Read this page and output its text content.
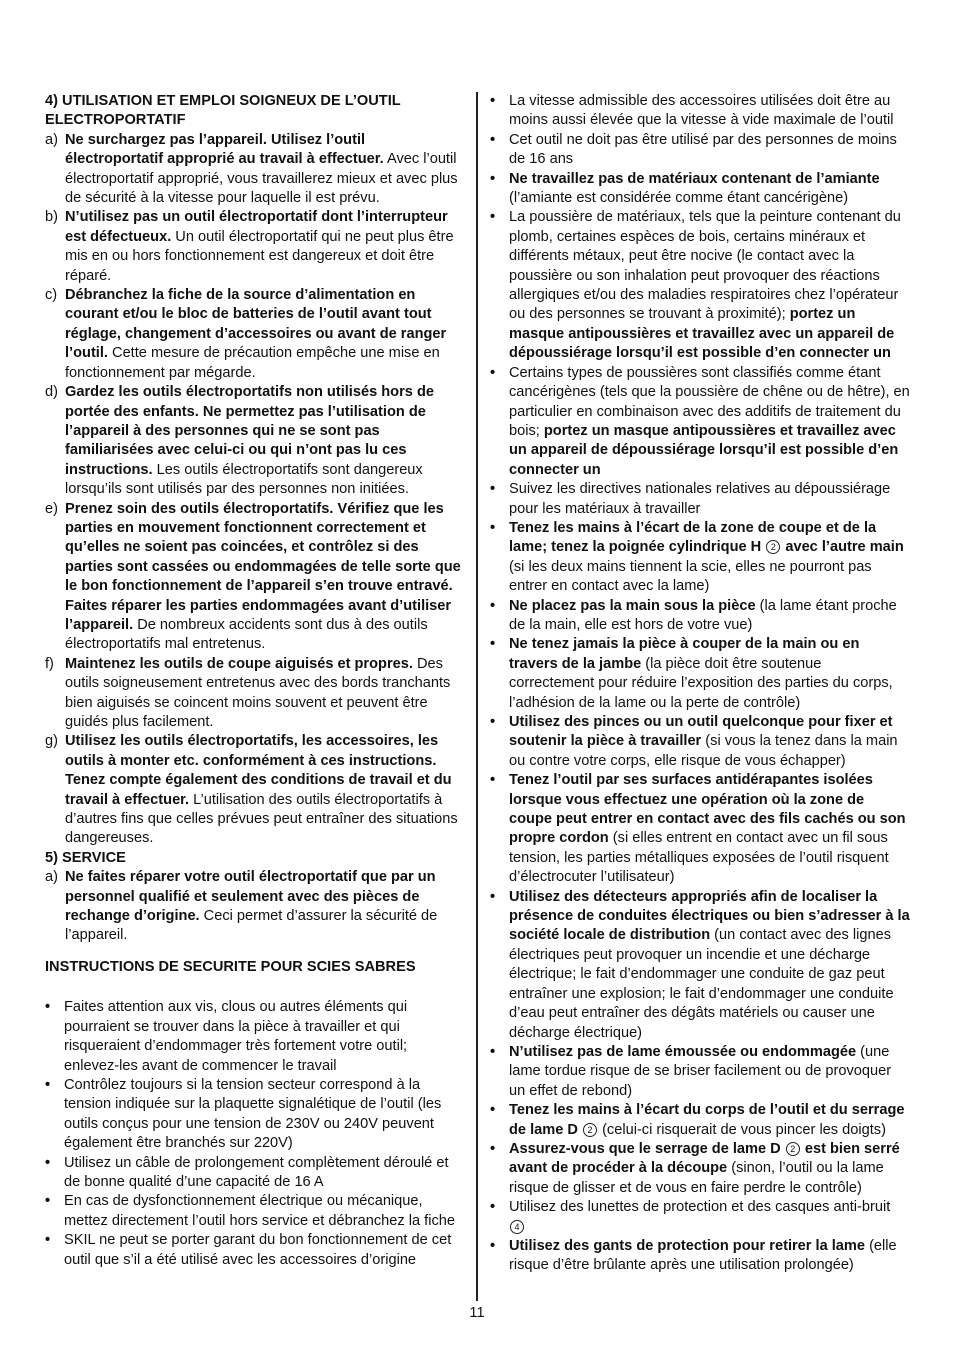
4) UTILISATION ET EMPLOI SOIGNEUX DE L’OUTIL ELECTROPORTATIF
a) Ne surchargez pas l’appareil. Utilisez l’outil électroportatif approprié au travail à effectuer. Avec l’outil électroportatif approprié, vous travaillerez mieux et avec plus de sécurité à la vitesse pour laquelle il est prévu.
b) N’utilisez pas un outil électroportatif dont l’interrupteur est défectueux. Un outil électroportatif qui ne peut plus être mis en ou hors fonctionnement est dangereux et doit être réparé.
c) Débranchez la fiche de la source d’alimentation en courant et/ou le bloc de batteries de l’outil avant tout réglage, changement d’accessoires ou avant de ranger l’outil. Cette mesure de précaution empêche une mise en fonctionnement par mégarde.
d) Gardez les outils électroportatifs non utilisés hors de portée des enfants. Ne permettez pas l’utilisation de l’appareil à des personnes qui ne se sont pas familiarisées avec celui-ci ou qui n’ont pas lu ces instructions. Les outils électroportatifs sont dangereux lorsqu’ils sont utilisés par des personnes non initiées.
e) Prenez soin des outils électroportatifs. Vérifiez que les parties en mouvement fonctionnent correctement et qu’elles ne soient pas coincées, et contrôlez si des parties sont cassées ou endommagées de telle sorte que le bon fonctionnement de l’appareil s’en trouve entravé. Faites réparer les parties endommagées avant d’utiliser l’appareil. De nombreux accidents sont dus à des outils électroportatifs mal entretenus.
f) Maintenez les outils de coupe aiguisés et propres. Des outils soigneusement entretenus avec des bords tranchants bien aiguisés se coincent moins souvent et peuvent être guidés plus facilement.
g) Utilisez les outils électroportatifs, les accessoires, les outils à monter etc. conformément à ces instructions. Tenez compte également des conditions de travail et du travail à effectuer. L’utilisation des outils électroportatifs à d’autres fins que celles prévues peut entraîner des situations dangereuses.
5) SERVICE
a) Ne faites réparer votre outil électroportatif que par un personnel qualifié et seulement avec des pièces de rechange d’origine. Ceci permet d’assurer la sécurité de l’appareil.
INSTRUCTIONS DE SECURITE POUR SCIES SABRES
• Faites attention aux vis, clous ou autres éléments qui pourraient se trouver dans la pièce à travailler et qui risqueraient d’endommager très fortement votre outil; enlevez-les avant de commencer le travail
• Contrôlez toujours si la tension secteur correspond à la tension indiquée sur la plaquette signalétique de l’outil (les outils conçus pour une tension de 230V ou 240V peuvent également être branchés sur 220V)
• Utilisez un câble de prolongement complètement déroulé et de bonne qualité d’une capacité de 16 A
• En cas de dysfonctionnement électrique ou mécanique, mettez directement l’outil hors service et débranchez la fiche
• SKIL ne peut se porter garant du bon fonctionnement de cet outil que s’il a été utilisé avec les accessoires d’origine
• La vitesse admissible des accessoires utilisées doit être au moins aussi élevée que la vitesse à vide maximale de l’outil
• Cet outil ne doit pas être utilisé par des personnes de moins de 16 ans
• Ne travaillez pas de matériaux contenant de l’amiante (l’amiante est considérée comme étant cancérigène)
• La poussière de matériaux, tels que la peinture contenant du plomb, certaines espèces de bois, certains minéraux et différents métaux, peut être nocive (le contact avec la poussière ou son inhalation peut provoquer des réactions allergiques et/ou des maladies respiratoires chez l’opérateur ou des personnes se trouvant à proximité); portez un masque antipoussières et travaillez avec un appareil de dépoussiérage lorsqu’il est possible d’en connecter un
• Certains types de poussières sont classifiés comme étant cancérigènes (tels que la poussière de chêne ou de hêtre), en particulier en combinaison avec des additifs de traitement du bois; portez un masque antipoussières et travaillez avec un appareil de dépoussiérage lorsqu’il est possible d’en connecter un
• Suivez les directives nationales relatives au dépoussiérage pour les matériaux à travailler
• Tenez les mains à l’écart de la zone de coupe et de la lame; tenez la poignée cylindrique H 2 avec l’autre main (si les deux mains tiennent la scie, elles ne pourront pas entrer en contact avec la lame)
• Ne placez pas la main sous la pièce (la lame étant proche de la main, elle est hors de votre vue)
• Ne tenez jamais la pièce à couper de la main ou en travers de la jambe (la pièce doit être soutenue correctement pour réduire l’exposition des parties du corps, l’adhésion de la lame ou la perte de contrôle)
• Utilisez des pinces ou un outil quelconque pour fixer et soutenir la pièce à travailler (si vous la tenez dans la main ou contre votre corps, elle risque de vous échapper)
• Tenez l’outil par ses surfaces antidérapantes isolées lorsque vous effectuez une opération où la zone de coupe peut entrer en contact avec des fils cachés ou son propre cordon (si elles entrent en contact avec un fil sous tension, les parties métalliques exposées de l’outil risquent d’électrocuter l’utilisateur)
• Utilisez des détecteurs appropriés afin de localiser la présence de conduites électriques ou bien s’adresser à la société locale de distribution (un contact avec des lignes électriques peut provoquer un incendie et une décharge électrique; le fait d’endommager une conduite de gaz peut entraîner une explosion; le fait d’endommager une conduite d’eau peut entraîner des dégâts matériels ou causer une décharge électrique)
• N’utilisez pas de lame émoussée ou endommagée (une lame tordue risque de se briser facilement ou de provoquer un effet de rebond)
• Tenez les mains à l’écart du corps de l’outil et du serrage de lame D 2 (celui-ci risquerait de vous pincer les doigts)
• Assurez-vous que le serrage de lame D 2 est bien serré avant de procéder à la découpe (sinon, l’outil ou la lame risque de glisser et de vous en faire perdre le contrôle)
• Utilisez des lunettes de protection et des casques anti-bruit 4
• Utilisez des gants de protection pour retirer la lame (elle risque d’être brûlante après une utilisation prolongée)
11
